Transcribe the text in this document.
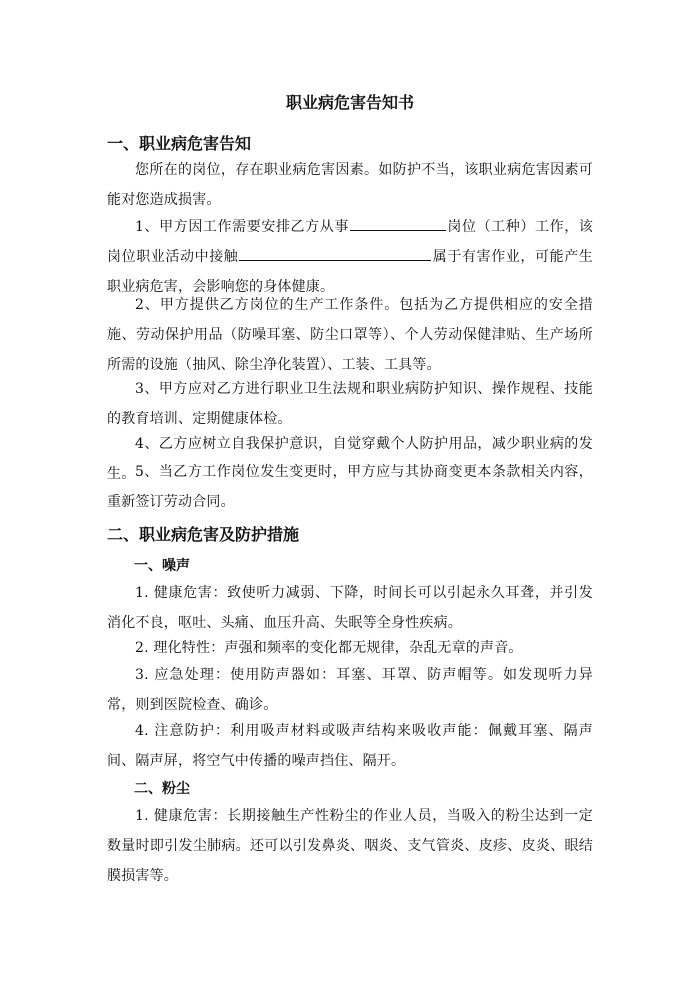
职业病危害告知书
一、职业病危害告知

您所在的岗位，存在职业病危害因素。如防护不当，该职业病危害因素可能对您造成损害。

1、甲方因工作需要安排乙方从事	岗位（工种）工作，该岗位职业活动中接触	属于有害作业，可能产生职业病危害，会影响您的身体健康。

2、甲方提供乙方岗位的生产工作条件。包括为乙方提供相应的安全措施、劳动保护用品（防噪耳塞、防尘口罩等）、个人劳动保健津贴、生产场所所需的设施（抽风、除尘净化装置）、工装、工具等。

3、甲方应对乙方进行职业卫生法规和职业病防护知识、操作规程、技能的教育培训、定期健康体检。

4、乙方应树立自我保护意识，自觉穿戴个人防护用品，减少职业病的发生。 5、当乙方工作岗位发生变更时，甲方应与其协商变更本条款相关内容，重新签订劳动合同。

二、职业病危害及防护措施
一、噪声

1. 健康危害：致使听力减弱、下降，时间长可以引起永久耳聋，并引发消化不良，呕吐、头痛、血压升高、失眠等全身性疾病。

2. 理化特性：声强和频率的变化都无规律，杂乱无章的声音。

3. 应急处理：使用防声器如：耳塞、耳罩、防声帽等。如发现听力异常，则到医院检查、确诊。

4. 注意防护：利用吸声材料或吸声结构来吸收声能：佩戴耳塞、隔声间、隔声屏，将空气中传播的噪声挡住、隔开。

二、粉尘

1. 健康危害：长期接触生产性粉尘的作业人员，当吸入的粉尘达到一定数量时即引发尘肺病。还可以引发鼻炎、咽炎、支气管炎、皮疹、皮炎、眼结膜损害等。
